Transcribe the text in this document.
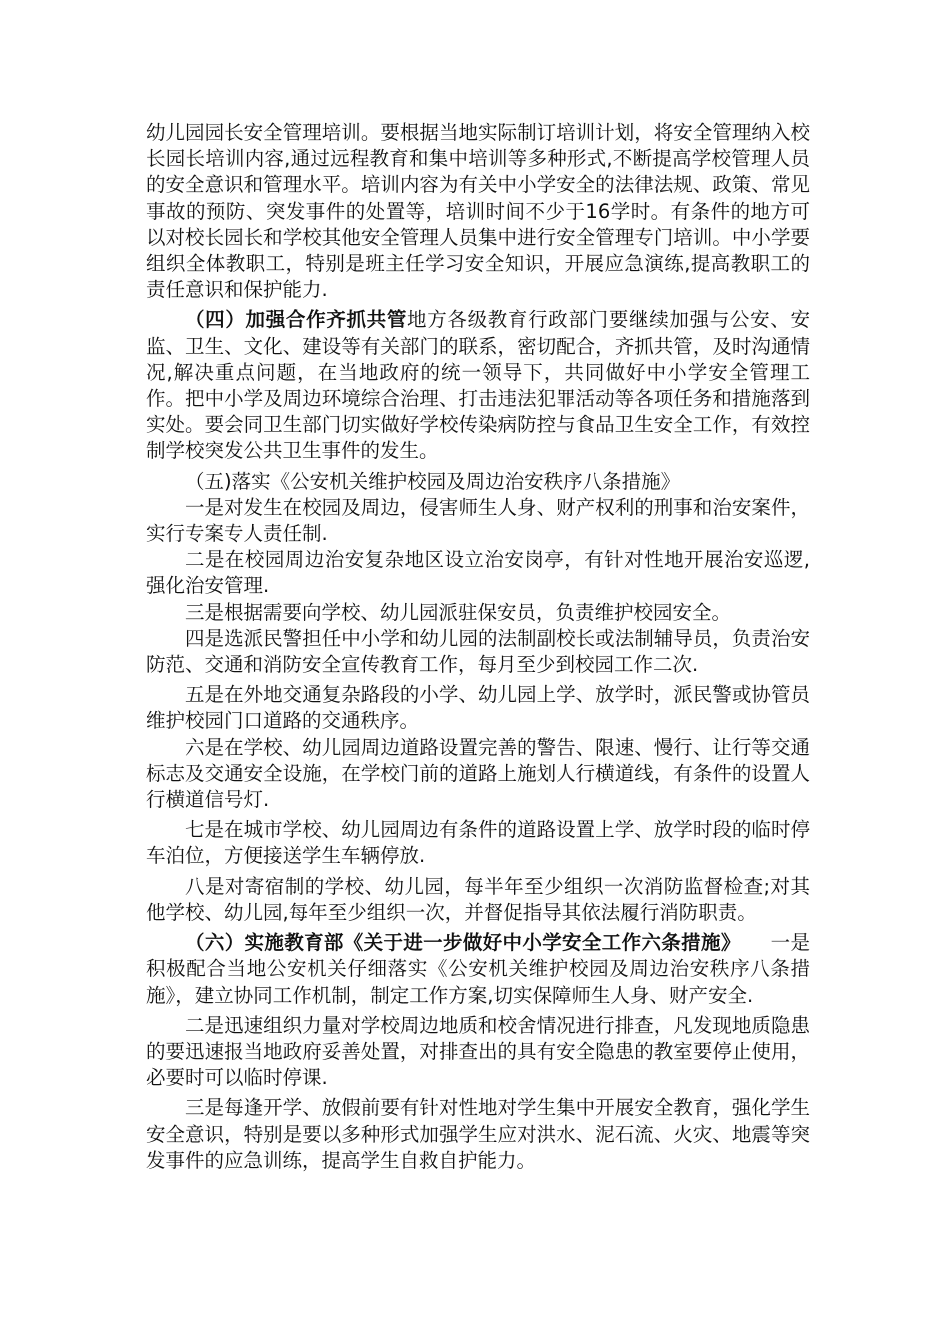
幼儿园园长安全管理培训。要根据当地实际制订培训计划，将安全管理纳入校长园长培训内容,通过远程教育和集中培训等多种形式,不断提高学校管理人员的安全意识和管理水平。培训内容为有关中小学安全的法律法规、政策、常见事故的预防、突发事件的处置等，培训时间不少于16学时。有条件的地方可以对校长园长和学校其他安全管理人员集中进行安全管理专门培训。中小学要组织全体教职工，特别是班主任学习安全知识，开展应急演练,提高教职工的责任意识和保护能力.

（四）加强合作齐抓共管地方各级教育行政部门要继续加强与公安、安监、卫生、文化、建设等有关部门的联系，密切配合，齐抓共管，及时沟通情况,解决重点问题，在当地政府的统一领导下，共同做好中小学安全管理工作。把中小学及周边环境综合治理、打击违法犯罪活动等各项任务和措施落到实处。要会同卫生部门切实做好学校传染病防控与食品卫生安全工作，有效控制学校突发公共卫生事件的发生。

（五)落实《公安机关维护校园及周边治安秩序八条措施》

一是对发生在校园及周边，侵害师生人身、财产权利的刑事和治安案件，实行专案专人责任制.

二是在校园周边治安复杂地区设立治安岗亭，有针对性地开展治安巡逻,强化治安管理.

三是根据需要向学校、幼儿园派驻保安员，负责维护校园安全。

四是选派民警担任中小学和幼儿园的法制副校长或法制辅导员，负责治安防范、交通和消防安全宣传教育工作，每月至少到校园工作二次.

五是在外地交通复杂路段的小学、幼儿园上学、放学时，派民警或协管员维护校园门口道路的交通秩序。

六是在学校、幼儿园周边道路设置完善的警告、限速、慢行、让行等交通标志及交通安全设施，在学校门前的道路上施划人行横道线，有条件的设置人行横道信号灯.

七是在城市学校、幼儿园周边有条件的道路设置上学、放学时段的临时停车泊位，方便接送学生车辆停放.

八是对寄宿制的学校、幼儿园，每半年至少组织一次消防监督检查;对其他学校、幼儿园,每年至少组织一次，并督促指导其依法履行消防职责。

（六）实施教育部《关于进一步做好中小学安全工作六条措施》　　 一是积极配合当地公安机关仔细落实《公安机关维护校园及周边治安秩序八条措施》，建立协同工作机制，制定工作方案,切实保障师生人身、财产安全.

二是迅速组织力量对学校周边地质和校舍情况进行排查，凡发现地质隐患的要迅速报当地政府妥善处置，对排查出的具有安全隐患的教室要停止使用，必要时可以临时停课.

三是每逢开学、放假前要有针对性地对学生集中开展安全教育，强化学生安全意识，特别是要以多种形式加强学生应对洪水、泥石流、火灾、地震等突发事件的应急训练，提高学生自救自护能力。
